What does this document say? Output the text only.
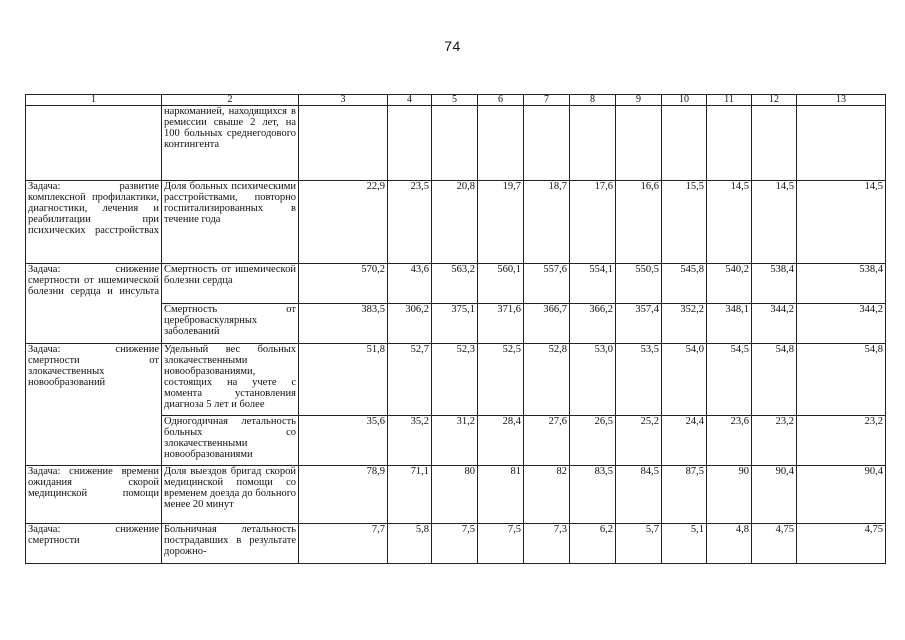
74
1	2	3	4	5	6	7	8	9	10	11	12	13
	наркоманией, находящихся в ремиссии свыше 2 лет, на 100 больных среднегодового контингента											
Задача: развитие комплексной профилактики, диагностики, лечения и реабилитации при психических расстройствах	Доля больных психическими расстройствами, повторно госпитализированных в течение года	22,9	23,5	20,8	19,7	18,7	17,6	16,6	15,5	14,5	14,5	14,5
Задача: снижение смертности от ишемической болезни сердца и инсульта	Смертность от ишемической болезни сердца	570,2	43,6	563,2	560,1	557,6	554,1	550,5	545,8	540,2	538,4	538,4
	Смертность от цереброваскулярных заболеваний	383,5	306,2	375,1	371,6	366,7	366,2	357,4	352,2	348,1	344,2	344,2
Задача: снижение смертности от злокачественных новообразований	Удельный вес больных злокачественными новообразованиями, состоящих на учете с момента установления диагноза 5 лет и более	51,8	52,7	52,3	52,5	52,8	53,0	53,5	54,0	54,5	54,8	54,8
	Одногодичная летальность больных со злокачественными новообразованиями	35,6	35,2	31,2	28,4	27,6	26,5	25,2	24,4	23,6	23,2	23,2
Задача: снижение времени ожидания скорой медицинской помощи	Доля выездов бригад скорой медицинской помощи со временем доезда до больного менее 20 минут	78,9	71,1	80	81	82	83,5	84,5	87,5	90	90,4	90,4
Задача: снижение смертности	Больничная летальность пострадавших в результате дорожно-	7,7	5,8	7,5	7,5	7,3	6,2	5,7	5,1	4,8	4,75	4,75
